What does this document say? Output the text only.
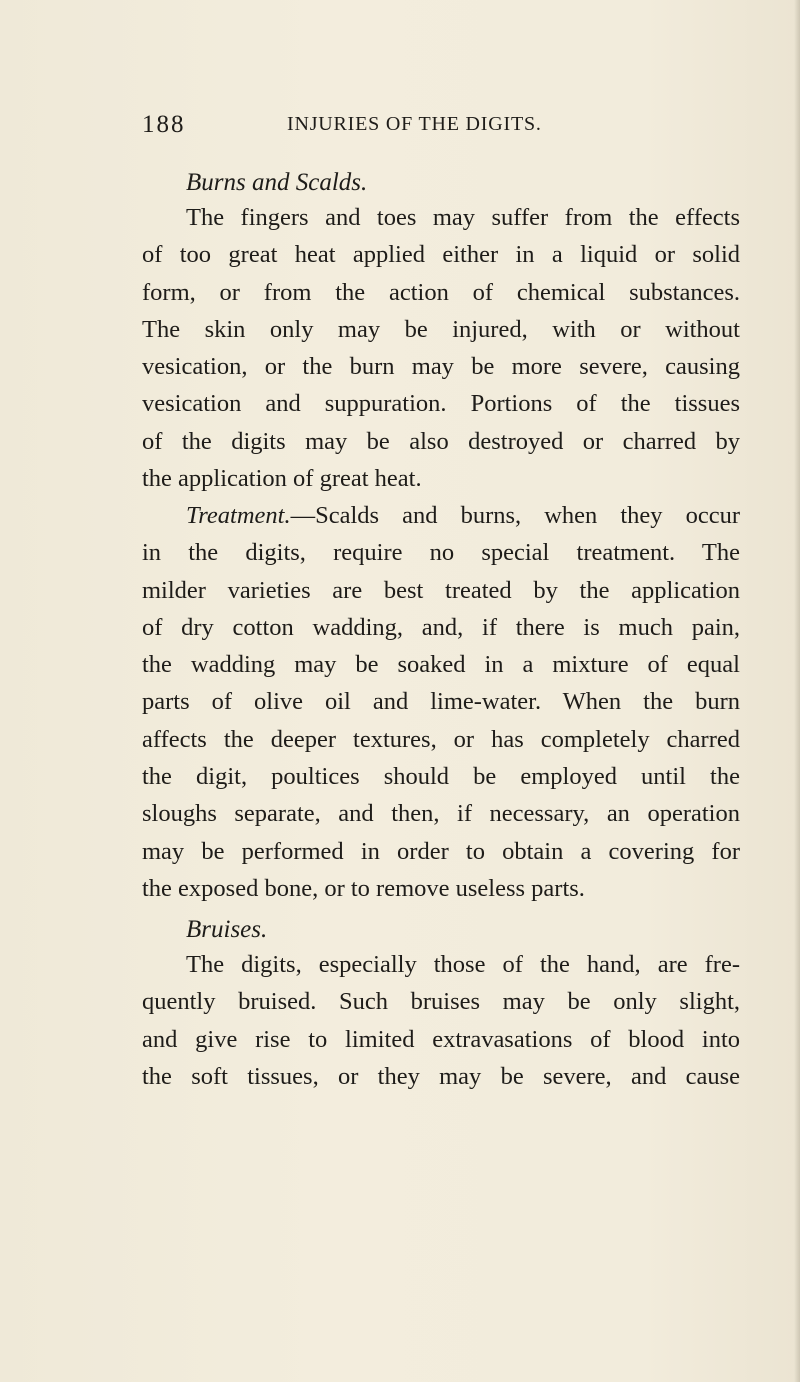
188	INJURIES OF THE DIGITS.
Burns and Scalds.
The fingers and toes may suffer from the effects
of too great heat applied either in a liquid or solid
form, or from the action of chemical substances.
The skin only may be injured, with or without
vesication, or the burn may be more severe, causing
vesication and suppuration. Portions of the tissues
of the digits may be also destroyed or charred by
the application of great heat.
Treatment.—Scalds and burns, when they occur
in the digits, require no special treatment. The
milder varieties are best treated by the application
of dry cotton wadding, and, if there is much pain,
the wadding may be soaked in a mixture of equal
parts of olive oil and lime-water. When the burn
affects the deeper textures, or has completely charred
the digit, poultices should be employed until the
sloughs separate, and then, if necessary, an operation
may be performed in order to obtain a covering for
the exposed bone, or to remove useless parts.
Bruises.
The digits, especially those of the hand, are fre-
quently bruised. Such bruises may be only slight,
and give rise to limited extravasations of blood into
the soft tissues, or they may be severe, and cause
